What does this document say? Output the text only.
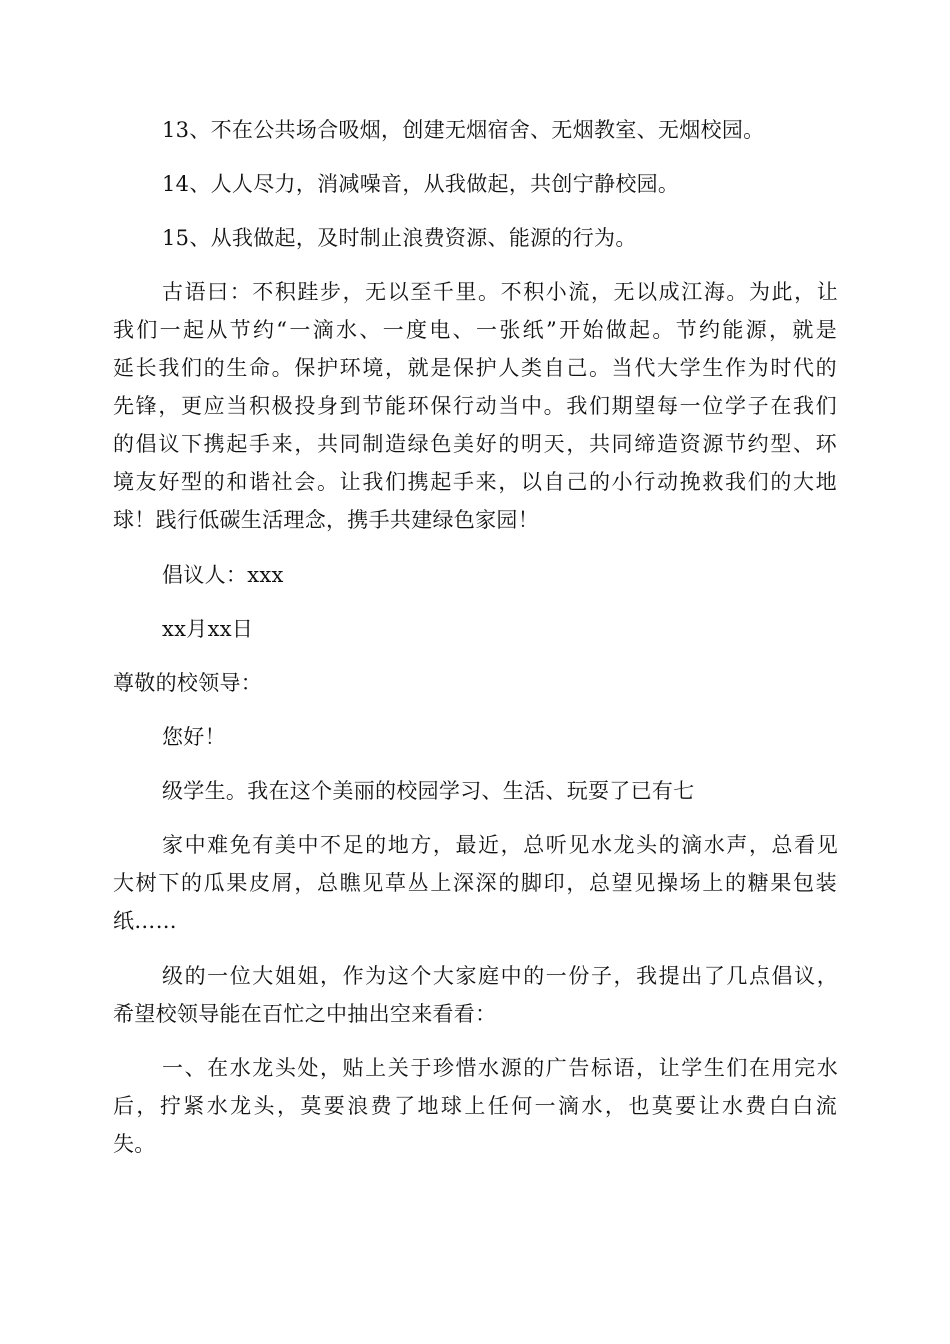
13、不在公共场合吸烟，创建无烟宿舍、无烟教室、无烟校园。
14、人人尽力，消减噪音，从我做起，共创宁静校园。
15、从我做起，及时制止浪费资源、能源的行为。
古语曰：不积跬步，无以至千里。不积小流，无以成江海。为此，让
我们一起从节约“一滴水、一度电、一张纸”开始做起。节约能源，就是
延长我们的生命。保护环境，就是保护人类自己。当代大学生作为时代的
先锋，更应当积极投身到节能环保行动当中。我们期望每一位学子在我们
的倡议下携起手来，共同制造绿色美好的明天，共同缔造资源节约型、环
境友好型的和谐社会。让我们携起手来，以自己的小行动挽救我们的大地
球！践行低碳生活理念，携手共建绿色家园！
倡议人：xxx
xx月xx日
尊敬的校领导：
您好！
级学生。我在这个美丽的校园学习、生活、玩耍了已有七
家中难免有美中不足的地方，最近，总听见水龙头的滴水声，总看见
大树下的瓜果皮屑，总瞧见草丛上深深的脚印，总望见操场上的糖果包装
纸……
级的一位大姐姐，作为这个大家庭中的一份子，我提出了几点倡议，
希望校领导能在百忙之中抽出空来看看：
一、在水龙头处，贴上关于珍惜水源的广告标语，让学生们在用完水
后，拧紧水龙头，莫要浪费了地球上任何一滴水，也莫要让水费白白流
失。
